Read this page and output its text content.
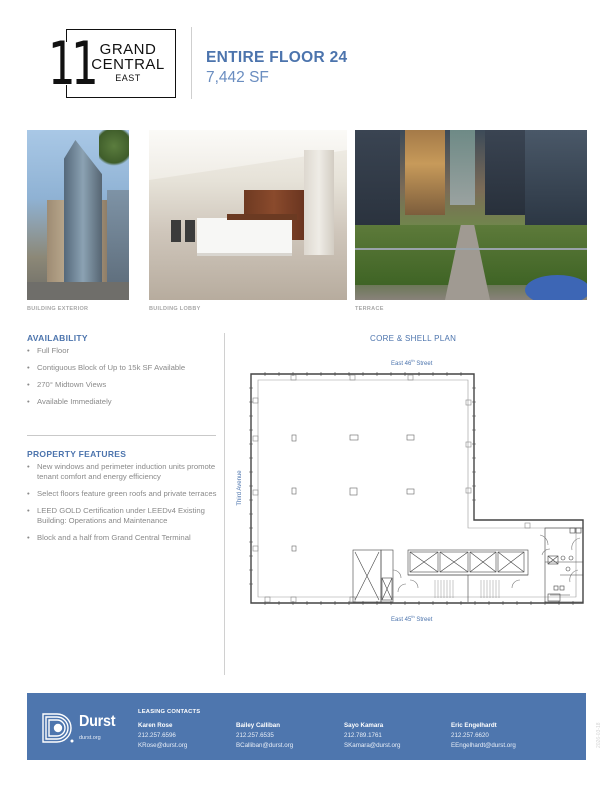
11 GRAND
CENTRAL
EAST
ENTIRE FLOOR 24
7,442 SF
BUILDING EXTERIOR	BUILDING LOBBY	TERRACE
AVAILABILITY
• Full Floor
• Contiguous Block of Up to 15k SF Available
• 270° Midtown Views
• Available Immediately
PROPERTY FEATURES
• New windows and perimeter induction units promote tenant comfort and energy efficiency
• Select floors feature green roofs and private terraces
• LEED GOLD Certification under LEEDv4 Existing Building: Operations and Maintenance
• Block and a half from Grand Central Terminal
CORE & SHELL PLAN
East 46th Street
East 45th Street
Third Avenue
Durst
durst.org
LEASING CONTACTS
Karen Rose
212.257.6596
KRose@durst.org
Bailey Calliban
212.257.6535
BCalliban@durst.org
Sayo Kamara
212.789.1761
SKamara@durst.org
Eric Engelhardt
212.257.6620
EEngelhardt@durst.org	2026-03-18
